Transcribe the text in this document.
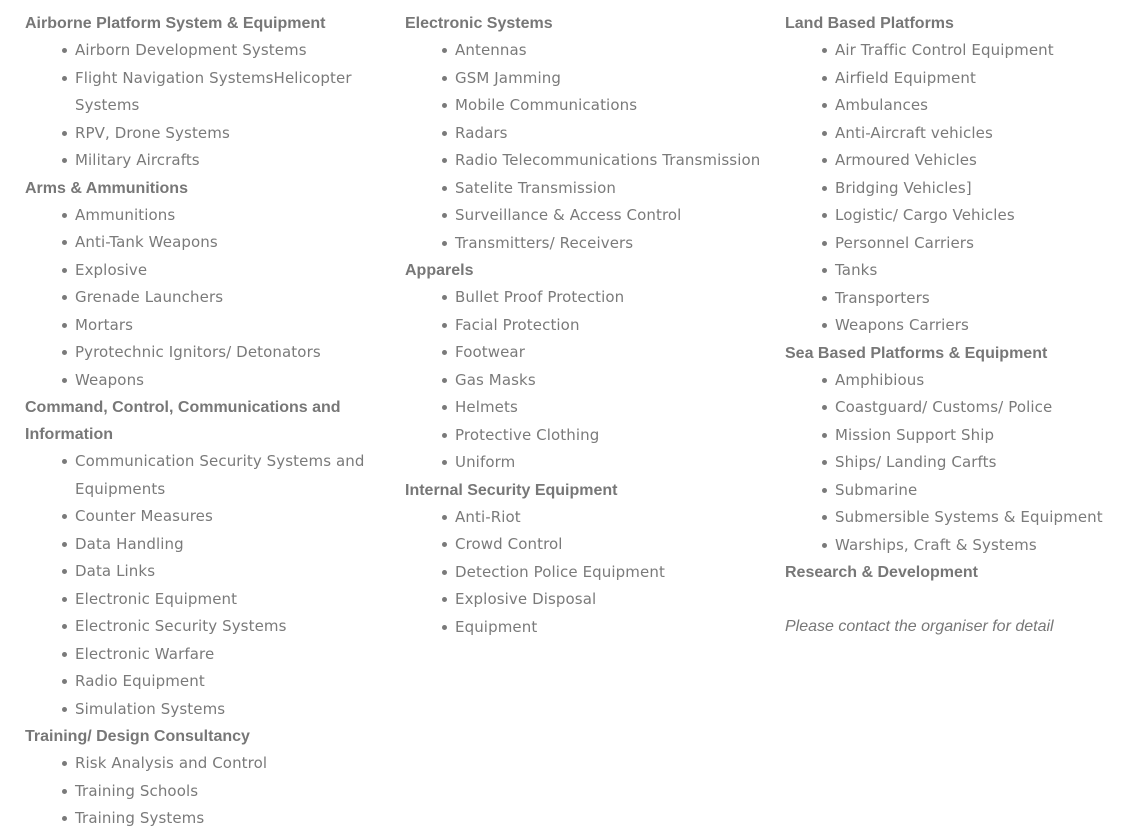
Airborne Platform System & Equipment
Airborn Development Systems
Flight Navigation SystemsHelicopter Systems
RPV, Drone Systems
Military Aircrafts
Arms & Ammunitions
Ammunitions
Anti-Tank Weapons
Explosive
Grenade Launchers
Mortars
Pyrotechnic Ignitors/ Detonators
Weapons
Command, Control, Communications and Information
Communication Security Systems and Equipments
Counter Measures
Data Handling
Data Links
Electronic Equipment
Electronic Security Systems
Electronic Warfare
Radio Equipment
Simulation Systems
Training/ Design Consultancy
Risk Analysis and Control
Training Schools
Training Systems
Electronic Systems
Antennas
GSM Jamming
Mobile Communications
Radars
Radio Telecommunications Transmission
Satelite Transmission
Surveillance & Access Control
Transmitters/ Receivers
Apparels
Bullet Proof Protection
Facial Protection
Footwear
Gas Masks
Helmets
Protective Clothing
Uniform
Internal Security Equipment
Anti-Riot
Crowd Control
Detection Police Equipment
Explosive Disposal
Equipment
Land Based Platforms
Air Traffic Control Equipment
Airfield Equipment
Ambulances
Anti-Aircraft vehicles
Armoured Vehicles
Bridging Vehicles]
Logistic/ Cargo Vehicles
Personnel Carriers
Tanks
Transporters
Weapons Carriers
Sea Based Platforms & Equipment
Amphibious
Coastguard/ Customs/ Police
Mission Support Ship
Ships/ Landing Carfts
Submarine
Submersible Systems & Equipment
Warships, Craft & Systems
Research & Development
Please contact the organiser for detail
